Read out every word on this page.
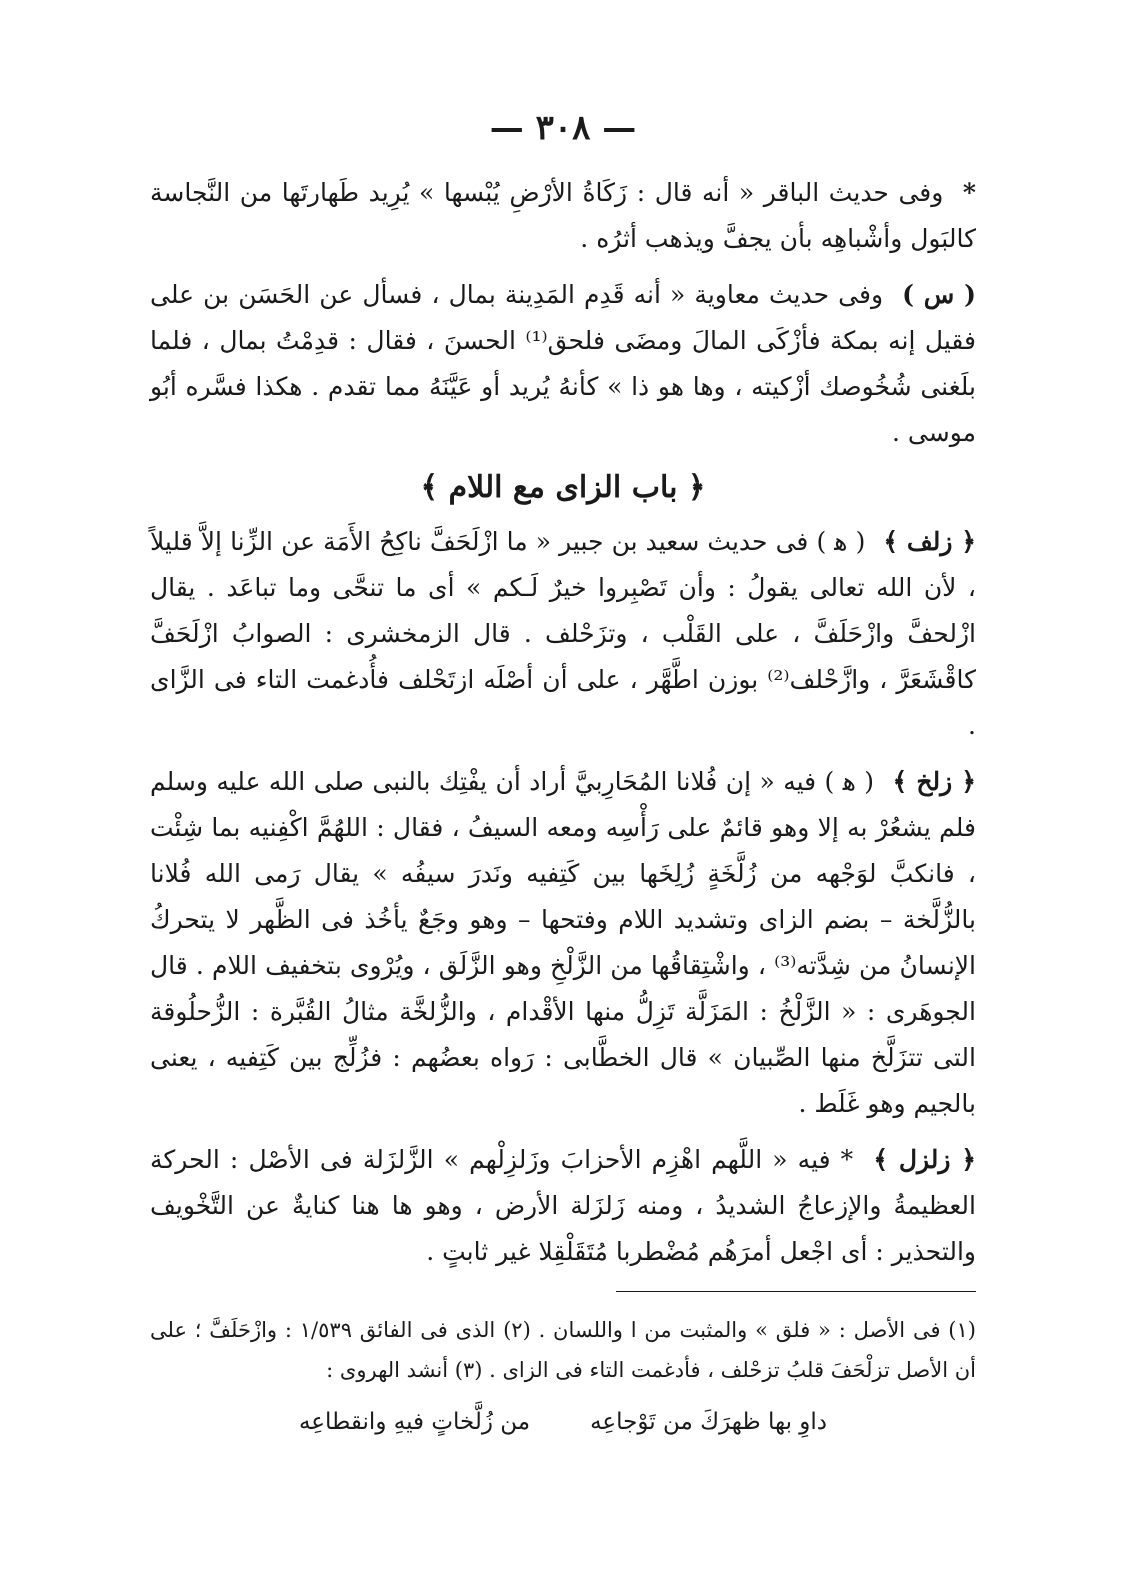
— ٣٠٨ —

* وفى حديث الباقر « أنه قال : زَكَاةُ الأرْضِ يُبْسها » يُرِيد طَهارتَها من النَّجاسة كالبَول وأشْباهِه بأن يجفَّ ويذهب أثرُه .

( س ) وفى حديث معاوية « أنه قَدِم المَدِينة بمال ، فسأل عن الحَسَن بن على فقيل إنه بمكة فأزْكَى المالَ ومضَى فلحق⁽¹⁾ الحسنَ ، فقال : قدِمْتُ بمال ، فلما بلَغنى شُخُوصك أزْكيته ، وها هو ذا » كأنهُ يُريد أو عَيَّنَهُ مما تقدم . هكذا فسَّره أبُو موسى .

﴿ باب الزاى مع اللام ﴾

﴿ زلف ﴾ ( ﻫ ) فى حديث سعيد بن جبير « ما ازْلَحَفَّ ناكِحُ الأَمَة عن الزِّنا إلاَّ قليلاً ، لأن الله تعالى يقولُ : وأن تَصْبِروا خيرٌ لَـكم » أى ما تنحَّى وما تباعَد . يقال ازْلحفَّ وازْحَلَفَّ ، على القَلْب ، وتزَحْلف . قال الزمخشرى : الصوابُ ازْلَحَفَّ كاقْشَعَرَّ ، وازَّحْلف⁽²⁾ بوزن اطَّهَّر ، على أن أصْلَه ازتَحْلف فأُدغمت التاء فى الزَّاى .

﴿ زلخ ﴾ ( ﻫ ) فيه « إن فُلانا المُحَارِبيَّ أراد أن يفْتِك بالنبى صلى الله عليه وسلم فلم يشعُرْ به إلا وهو قائمٌ على رَأْسِه ومعه السيفُ ، فقال : اللهُمَّ اكْفِنيه بما شِئْت ، فانكبَّ لوَجْهه من زُلَّخَةٍ زُلِخَها بين كَتِفيه ونَدرَ سيفُه » يقال رَمى الله فُلانا بالزُّلَّخة – بضم الزاى وتشديد اللام وفتحها – وهو وجَعٌ يأخُذ فى الظَّهر لا يتحركُ الإنسانُ من شِدَّته⁽³⁾ ، واشْتِقاقُها من الزَّلْخِ وهو الزَّلَق ، ويُرْوى بتخفيف اللام . قال الجوهَرى : « الزَّلْخُ : المَزَلَّة تَزِلُّ منها الأقْدام ، والزُّلخَّة مثالُ القُبَّرة : الزُّحلُوقة التى تتزَلَّخ منها الصِّبيان » قال الخطَّابى : رَواه بعضُهم : فزُلِّج بين كَتِفيه ، يعنى بالجيم وهو غَلَط .

﴿ زلزل ﴾ * فيه « اللَّهم اهْزِم الأحزابَ وزَلزِلْهم » الزَّلزَلة فى الأصْل : الحركة العظيمةُ والإزعاجُ الشديدُ ، ومنه زَلزَلة الأرض ، وهو ها هنا كنايةٌ عن التَّخْويف والتحذير : أى اجْعل أمرَهُم مُضْطربا مُتَقَلْقِلا غير ثابتٍ .

(١) فى الأصل : « فلق » والمثبت من ا واللسان . (٢) الذى فى الفائق ١/٥٣٩ : وازْحَلَفَّ ؛ على أن الأصل تزلْحَفَ قلبُ تزحْلف ، فأدغمت التاء فى الزاى . (٣) أنشد الهروى :

داوِ بها ظهرَكَ من تَوْجاعِه
من زُلَّخاتٍ فيهِ وانقطاعِه
